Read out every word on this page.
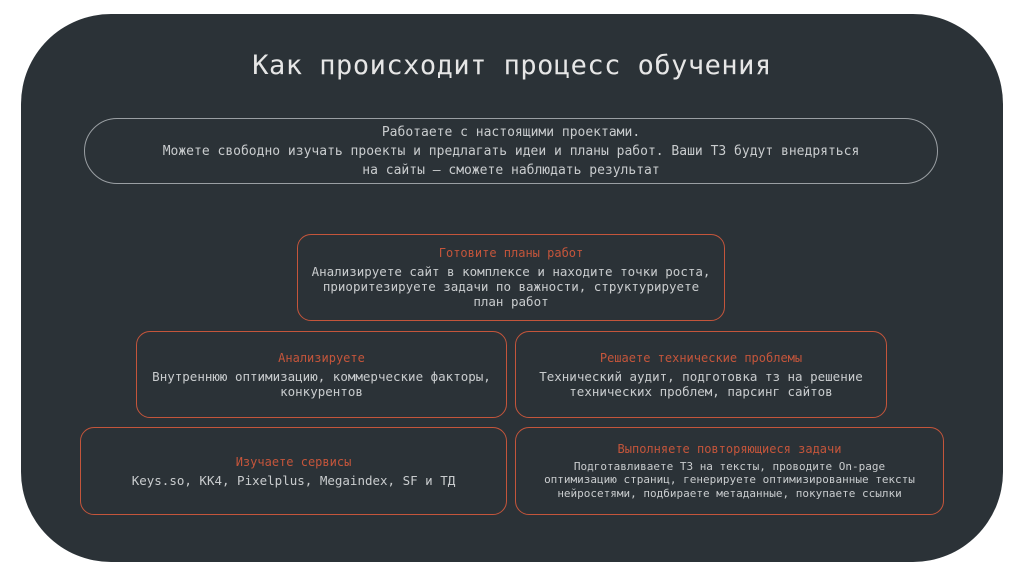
Как происходит процесс обучения
Работаете с настоящими проектами.
Можете свободно изучать проекты и предлагать идеи и планы работ. Ваши ТЗ будут внедряться
на сайты — сможете наблюдать результат
Готовите планы работ
Анализируете сайт в комплексе и находите точки роста,
приоритезируете задачи по важности, структурируете
план работ
Анализируете
Внутреннюю оптимизацию, коммерческие факторы,
конкурентов
Решаете технические проблемы
Технический аудит, подготовка тз на решение
технических проблем, парсинг сайтов
Изучаете сервисы
Keys.so, KK4, Pixelplus, Megaindex, SF и ТД
Выполняете повторяющиеся задачи
Подготавливаете ТЗ на тексты, проводите On-page
оптимизацию страниц, генерируете оптимизированные тексты
нейросетями, подбираете метаданные, покупаете ссылки
